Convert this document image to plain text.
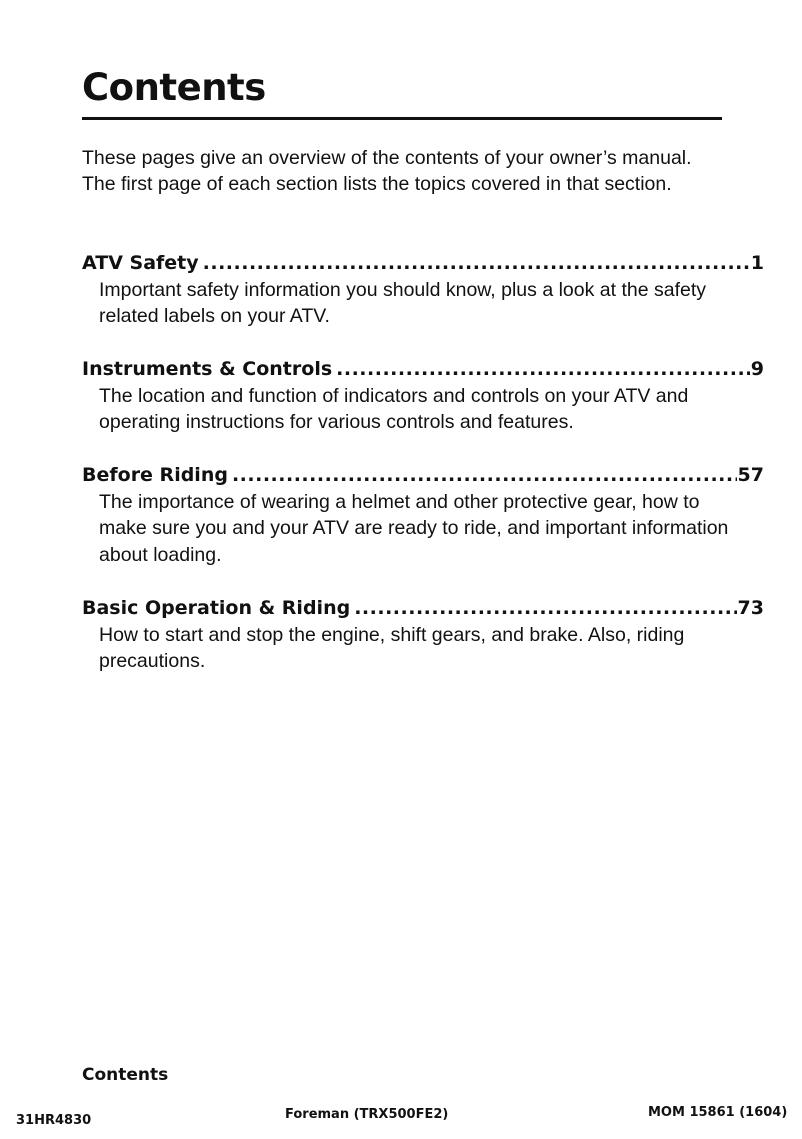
Contents

These pages give an overview of the contents of your owner’s manual.

The first page of each section lists the topics covered in that section.

ATV Safety .....	1

Important safety information you should know, plus a look at the safety related labels on your ATV.

Instruments & Controls .....	9

The location and function of indicators and controls on your ATV and operating instructions for various controls and features.

Before Riding .....	57

The importance of wearing a helmet and other protective gear, how to make sure you and your ATV are ready to ride, and important information about loading.

Basic Operation & Riding .....	73

How to start and stop the engine, shift gears, and brake. Also, riding precautions.

Contents
31HR4830	Foreman (TRX500FE2)	MOM 15861 (1604)
